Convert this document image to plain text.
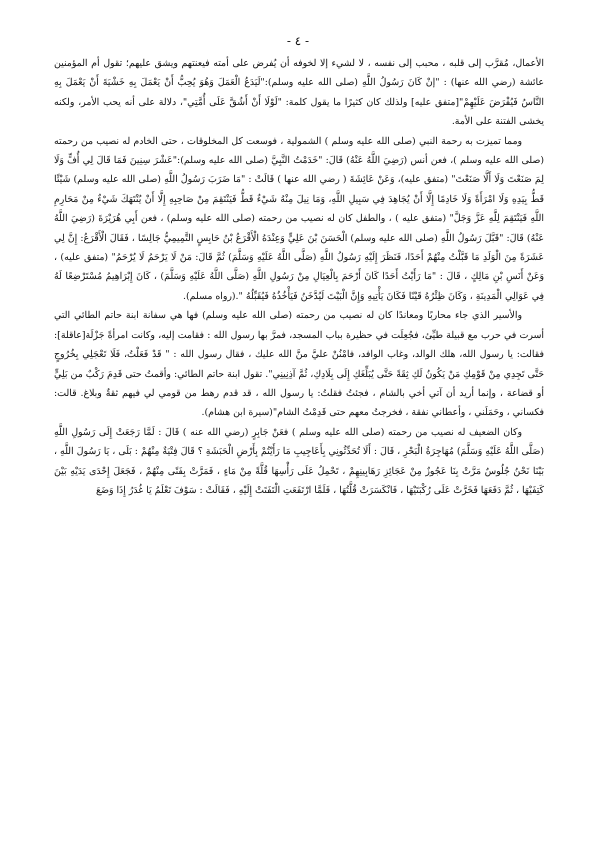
- ٤ -

الأعمال، مُقرَّب إلى قلبه ، محبب إلى نفسه ، لا لشيء إلا لخوفه أن يُفرض على أمته فيعنتهم ويشق عليهم؛ تقول أم المؤمنين عائشة (رضي الله عنها) : "إنْ كَانَ رَسُولُ اللَّهِ (صلى الله عليه وسلم):"لَيَدَعُ الْعَمَلَ وَهُوَ يُحِبُّ أَنْ يَعْمَلَ بِهِ خَشْيَةَ أَنْ يَعْمَلَ بِهِ النَّاسُ فَيُفْرَضَ عَلَيْهِمْ"[متفق عليه] ولذلك كان كثيرًا ما يقول كلمة: "لَوْلَا أَنْ أَشُقَّ عَلَى أُمَّتِي"، دلالة على أنه يحب الأمر، ولكنه يخشى الفتنة على الأمة.

ومما تميزت به رحمة النبي (صلى الله عليه وسلم ) الشمولية ، فوسعت كل المخلوقات ، حتى الخادم له نصيب من رحمته (صلى الله عليه وسلم )، فعن أنس (رَضِيَ اللَّهُ عَنْهُ) قَالَ: "خَدَمْتُ النَّبِيَّ (صلى الله عليه وسلم):"عَشْرَ سِنِينَ فَمَا قَالَ لِي أُفٍّ وَلَا لِمَ صَنَعْتَ وَلَا أَلَّا صَنَعْتَ" (متفق عليه)، وَعَنْ عَائِشَةَ ( رضي الله عنها ) قَالَتْ : "مَا ضَرَبَ رَسُولُ اللَّهِ (صلى الله عليه وسلم) شَيْئًا قَطُّ بِيَدِهِ وَلَا امْرَأَةً وَلَا خَادِمًا إِلَّا أَنْ يُجَاهِدَ فِي سَبِيلِ اللَّهِ، وَمَا نِيلَ مِنْهُ شَيْءٌ قَطُّ فَيَنْتَقِمَ مِنْ صَاحِبِهِ إِلَّا أَنْ يُنْتَهَكَ شَيْءٌ مِنْ مَحَارِمِ اللَّهِ فَيَنْتَقِمَ لِلَّهِ عَزَّ وَجَلَّ" (متفق عليه ) ، والطفل كان له نصيب من رحمته (صلى الله عليه وسلم) ، فعن أَبِي هُرَيْرَةَ (رَضِيَ اللَّهُ عَنْهُ) قَالَ: "قَبَّلَ رَسُولُ اللَّهِ (صلى الله عليه وسلم) الْحَسَنَ بْنَ عَلِيٍّ وَعِنْدَهُ الْأَقْرَعُ بْنُ حَابِسٍ التَّمِيمِيُّ جَالِسًا ، فَقَالَ الْأَقْرَعُ: إِنَّ لِي عَشَرَةً مِنَ الْوَلَدِ مَا قَبَّلْتُ مِنْهُمْ أَحَدًا، فَنَظَرَ إِلَيْهِ رَسُولُ اللَّهِ (صَلَّى اللَّهُ عَلَيْهِ وَسَلَّمَ) ثُمَّ قَالَ: مَنْ لَا يَرْحَمُ لَا يُرْحَمُ" (متفق عليه) ، وَعَنْ أَنَسِ بْنِ مَالِكٍ ، قَالَ : "مَا رَأَيْتُ أَحَدًا كَانَ أَرْحَمَ بِالْعِيَالِ مِنْ رَسُولِ اللَّهِ (صَلَّى اللَّهُ عَلَيْهِ وَسَلَّمَ) ، كَانَ إِبْرَاهِيمُ مُسْتَرْضِعًا لَهُ فِي عَوَالِي الْمَدِينَةِ ، وَكَانَ ظِئْرُهُ قَيْنًا فَكَانَ يَأْتِيهِ وَإِنَّ الْبَيْتَ لَيُدَّخَنُ فَيَأْخُذُهُ فَيُقَبِّلُهُ ".(رواه مسلم).

والأسير الذي جاء محاربًا ومعاندًا كان له نصيب من رحمته (صلى الله عليه وسلم) فها هي سفانة ابنة حاتم الطائي التي أسرت في حرب مع قبيلة طيِّئ، فجُعِلَت في حظيرة بباب المسجد، فمرَّ بها رسول الله : فقامت إليه، وكانت امرأةً جَزْلَة[عاقلة]: فقالت: يا رسول الله، هلك الوالد، وغاب الوافد، فامْنُنْ عليَّ منَّ الله عليك ، فقال رسول الله : " قَدْ فَعَلْتُ، فَلَا تَعْجَلِي بِخُرُوجٍ حَتَّى تَجِدِي مِنْ قَوْمِكِ مَنْ يَكُونُ لَكِ ثِقَةً حَتَّى يُبَلِّغَكِ إِلَى بِلَادِكِ، ثُمَّ آذِنِينِي". تقول ابنة حاتم الطائي: وأقمتُ حتى قَدِمَ رَكْبٌ من بَلِيٍّ أو قضاعة ، وإنما أريد أن آتي أخي بالشام ، فجئتُ فقلتُ: يا رسول الله ، قد قدم رهط من قومي لي فيهم ثقةٌ وبلاغ. قالت: فكساني ، وحَمَلَني ، وأعطاني نفقة ، فخرجتُ معهم حتى قَدِمْتُ الشام"(سيرة ابن هشام).

وكان الضعيف له نصيب من رحمته (صلى الله عليه وسلم ) فعَنْ جَابِرٍ (رضي الله عنه ) قَالَ : لَمَّا رَجَعَتْ إِلَى رَسُولِ اللَّهِ (صَلَّى اللَّهُ عَلَيْهِ وَسَلَّمَ) مُهَاجِرَةُ الْبَحْرِ ، قَالَ : أَلَا تُحَدِّثُونِي بِأَعَاجِيبِ مَا رَأَيْتُمْ بِأَرْضِ الْحَبَشَةِ ؟ قَالَ فِتْيَةٌ مِنْهُمْ : بَلَى ، يَا رَسُولَ اللَّهِ ، بَيْنَا نَحْنُ جُلُوسٌ مَرَّتْ بِنَا عَجُوزٌ مِنْ عَجَائِزِ رَهَابِينِهِمْ ، تَحْمِلُ عَلَى رَأْسِهَا قُلَّةً مِنْ مَاءٍ ، فَمَرَّتْ بِفَتًى مِنْهُمْ ، فَجَعَلَ إِحْدَى يَدَيْهِ بَيْنَ كَتِفَيْهَا ، ثُمَّ دَفَعَهَا فَخَرَّتْ عَلَى رُكْبَتَيْهَا ، فَانْكَسَرَتْ قُلَّتُهَا ، فَلَمَّا ارْتَفَعَتِ الْتَفَتَتْ إِلَيْهِ ، فَقَالَتْ : سَوْفَ تَعْلَمُ يَا غُدَرُ إِذَا وَضَعَ
